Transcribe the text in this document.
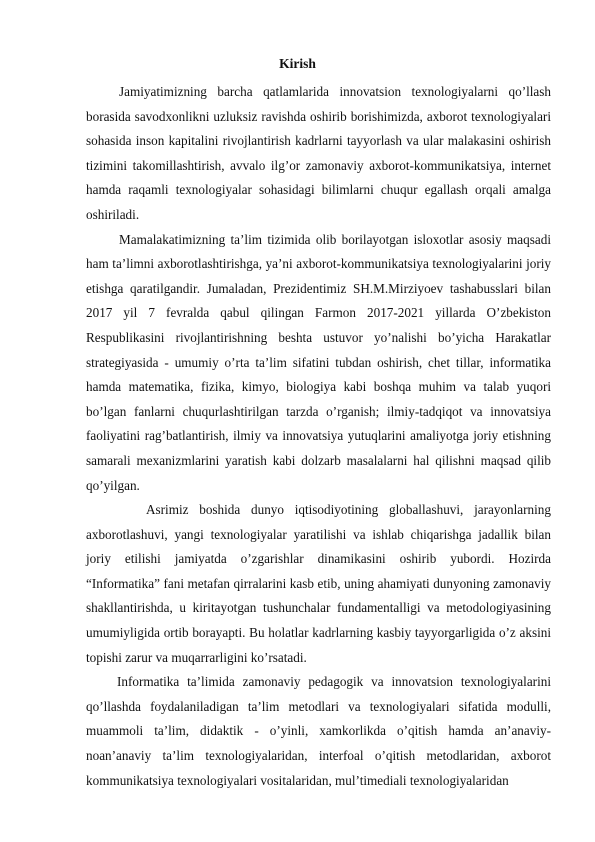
Kirish

Jamiyatimizning barcha qatlamlarida innovatsion texnologiyalarni qo’llash borasida savodxonlikni uzluksiz ravishda oshirib borishimizda, axborot texnologiyalari sohasida inson kapitalini rivojlantirish kadrlarni tayyorlash va ular malakasini oshirish tizimini takomillashtirish, avvalo ilg’or zamonaviy axborot-kommunikatsiya, internet hamda raqamli texnologiyalar sohasidagi bilimlarni chuqur egallash orqali amalga oshiriladi.

Mamalakatimizning ta’lim tizimida olib borilayotgan isloxotlar asosiy maqsadi ham ta’limni axborotlashtirishga, ya’ni axborot-kommunikatsiya texnologiyalarini joriy etishga qaratilgandir. Jumaladan, Prezidentimiz SH.M.Mirziyoev tashabusslari bilan 2017 yil 7 fevralda qabul qilingan Farmon 2017-2021 yillarda O’zbekiston Respublikasini rivojlantirishning beshta ustuvor yo’nalishi bo’yicha Harakatlar strategiyasida - umumiy o’rta ta’lim sifatini tubdan oshirish, chet tillar, informatika hamda matematika, fizika, kimyo, biologiya kabi boshqa muhim va talab yuqori bo’lgan fanlarni chuqurlashtirilgan tarzda o’rganish; ilmiy-tadqiqot va innovatsiya faoliyatini rag’batlantirish, ilmiy va innovatsiya yutuqlarini amaliyotga joriy etishning samarali mexanizmlarini yaratish kabi dolzarb masalalarni hal qilishni maqsad qilib qo’yilgan.

Asrimiz boshida dunyo iqtisodiyotining globallashuvi, jarayonlarning axborotlashuvi, yangi texnologiyalar yaratilishi va ishlab chiqarishga jadallik bilan joriy etilishi jamiyatda o’zgarishlar dinamikasini oshirib yubordi. Hozirda “Informatika” fani metafan qirralarini kasb etib, uning ahamiyati dunyoning zamonaviy shakllantirishda, u kiritayotgan tushunchalar fundamentalligi va metodologiyasining umumiyligida ortib borayapti. Bu holatlar kadrlarning kasbiy tayyorgarligida o’z aksini topishi zarur va muqarrarligini ko’rsatadi.

Informatika ta’limida zamonaviy pedagogik va innovatsion texnologiyalarini qo’llashda foydalaniladigan ta’lim metodlari va texnologiyalari sifatida modulli, muammoli ta’lim, didaktik - o’yinli, xamkorlikda o’qitish hamda an’anaviy-noan’anaviy ta’lim texnologiyalaridan, interfoal o’qitish metodlaridan, axborot kommunikatsiya texnologiyalari vositalaridan, mul’timediali texnologiyalaridan
